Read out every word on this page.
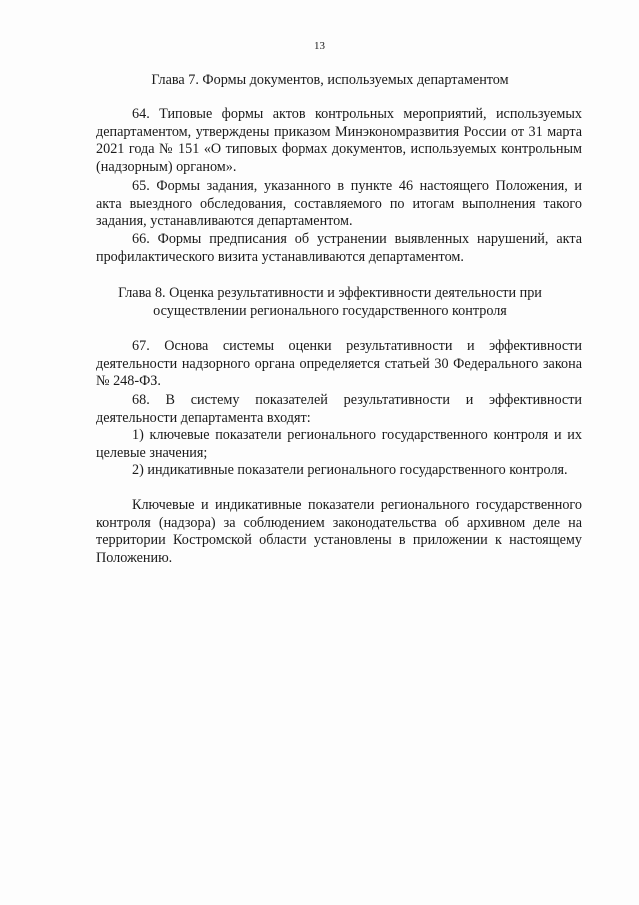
13
Глава 7. Формы документов, используемых департаментом

64. Типовые формы актов контрольных мероприятий, используемых департаментом, утверждены приказом Минэкономразвития России от 31 марта 2021 года № 151 «О типовых формах документов, используемых контрольным (надзорным) органом».

65. Формы задания, указанного в пункте 46 настоящего Положения, и акта выездного обследования, составляемого по итогам выполнения такого задания, устанавливаются департаментом.

66. Формы предписания об устранении выявленных нарушений, акта профилактического визита устанавливаются департаментом.

Глава 8. Оценка результативности и эффективности деятельности при
осуществлении регионального государственного контроля

67. Основа системы оценки результативности и эффективности деятельности надзорного органа определяется статьей 30 Федерального закона № 248-ФЗ.

68. В систему показателей результативности и эффективности деятельности департамента входят:

1) ключевые показатели регионального государственного контроля и их целевые значения;

2) индикативные показатели регионального государственного контроля.

Ключевые и индикативные показатели регионального государственного контроля (надзора) за соблюдением законодательства об архивном деле на территории Костромской области установлены в приложении к настоящему Положению.
